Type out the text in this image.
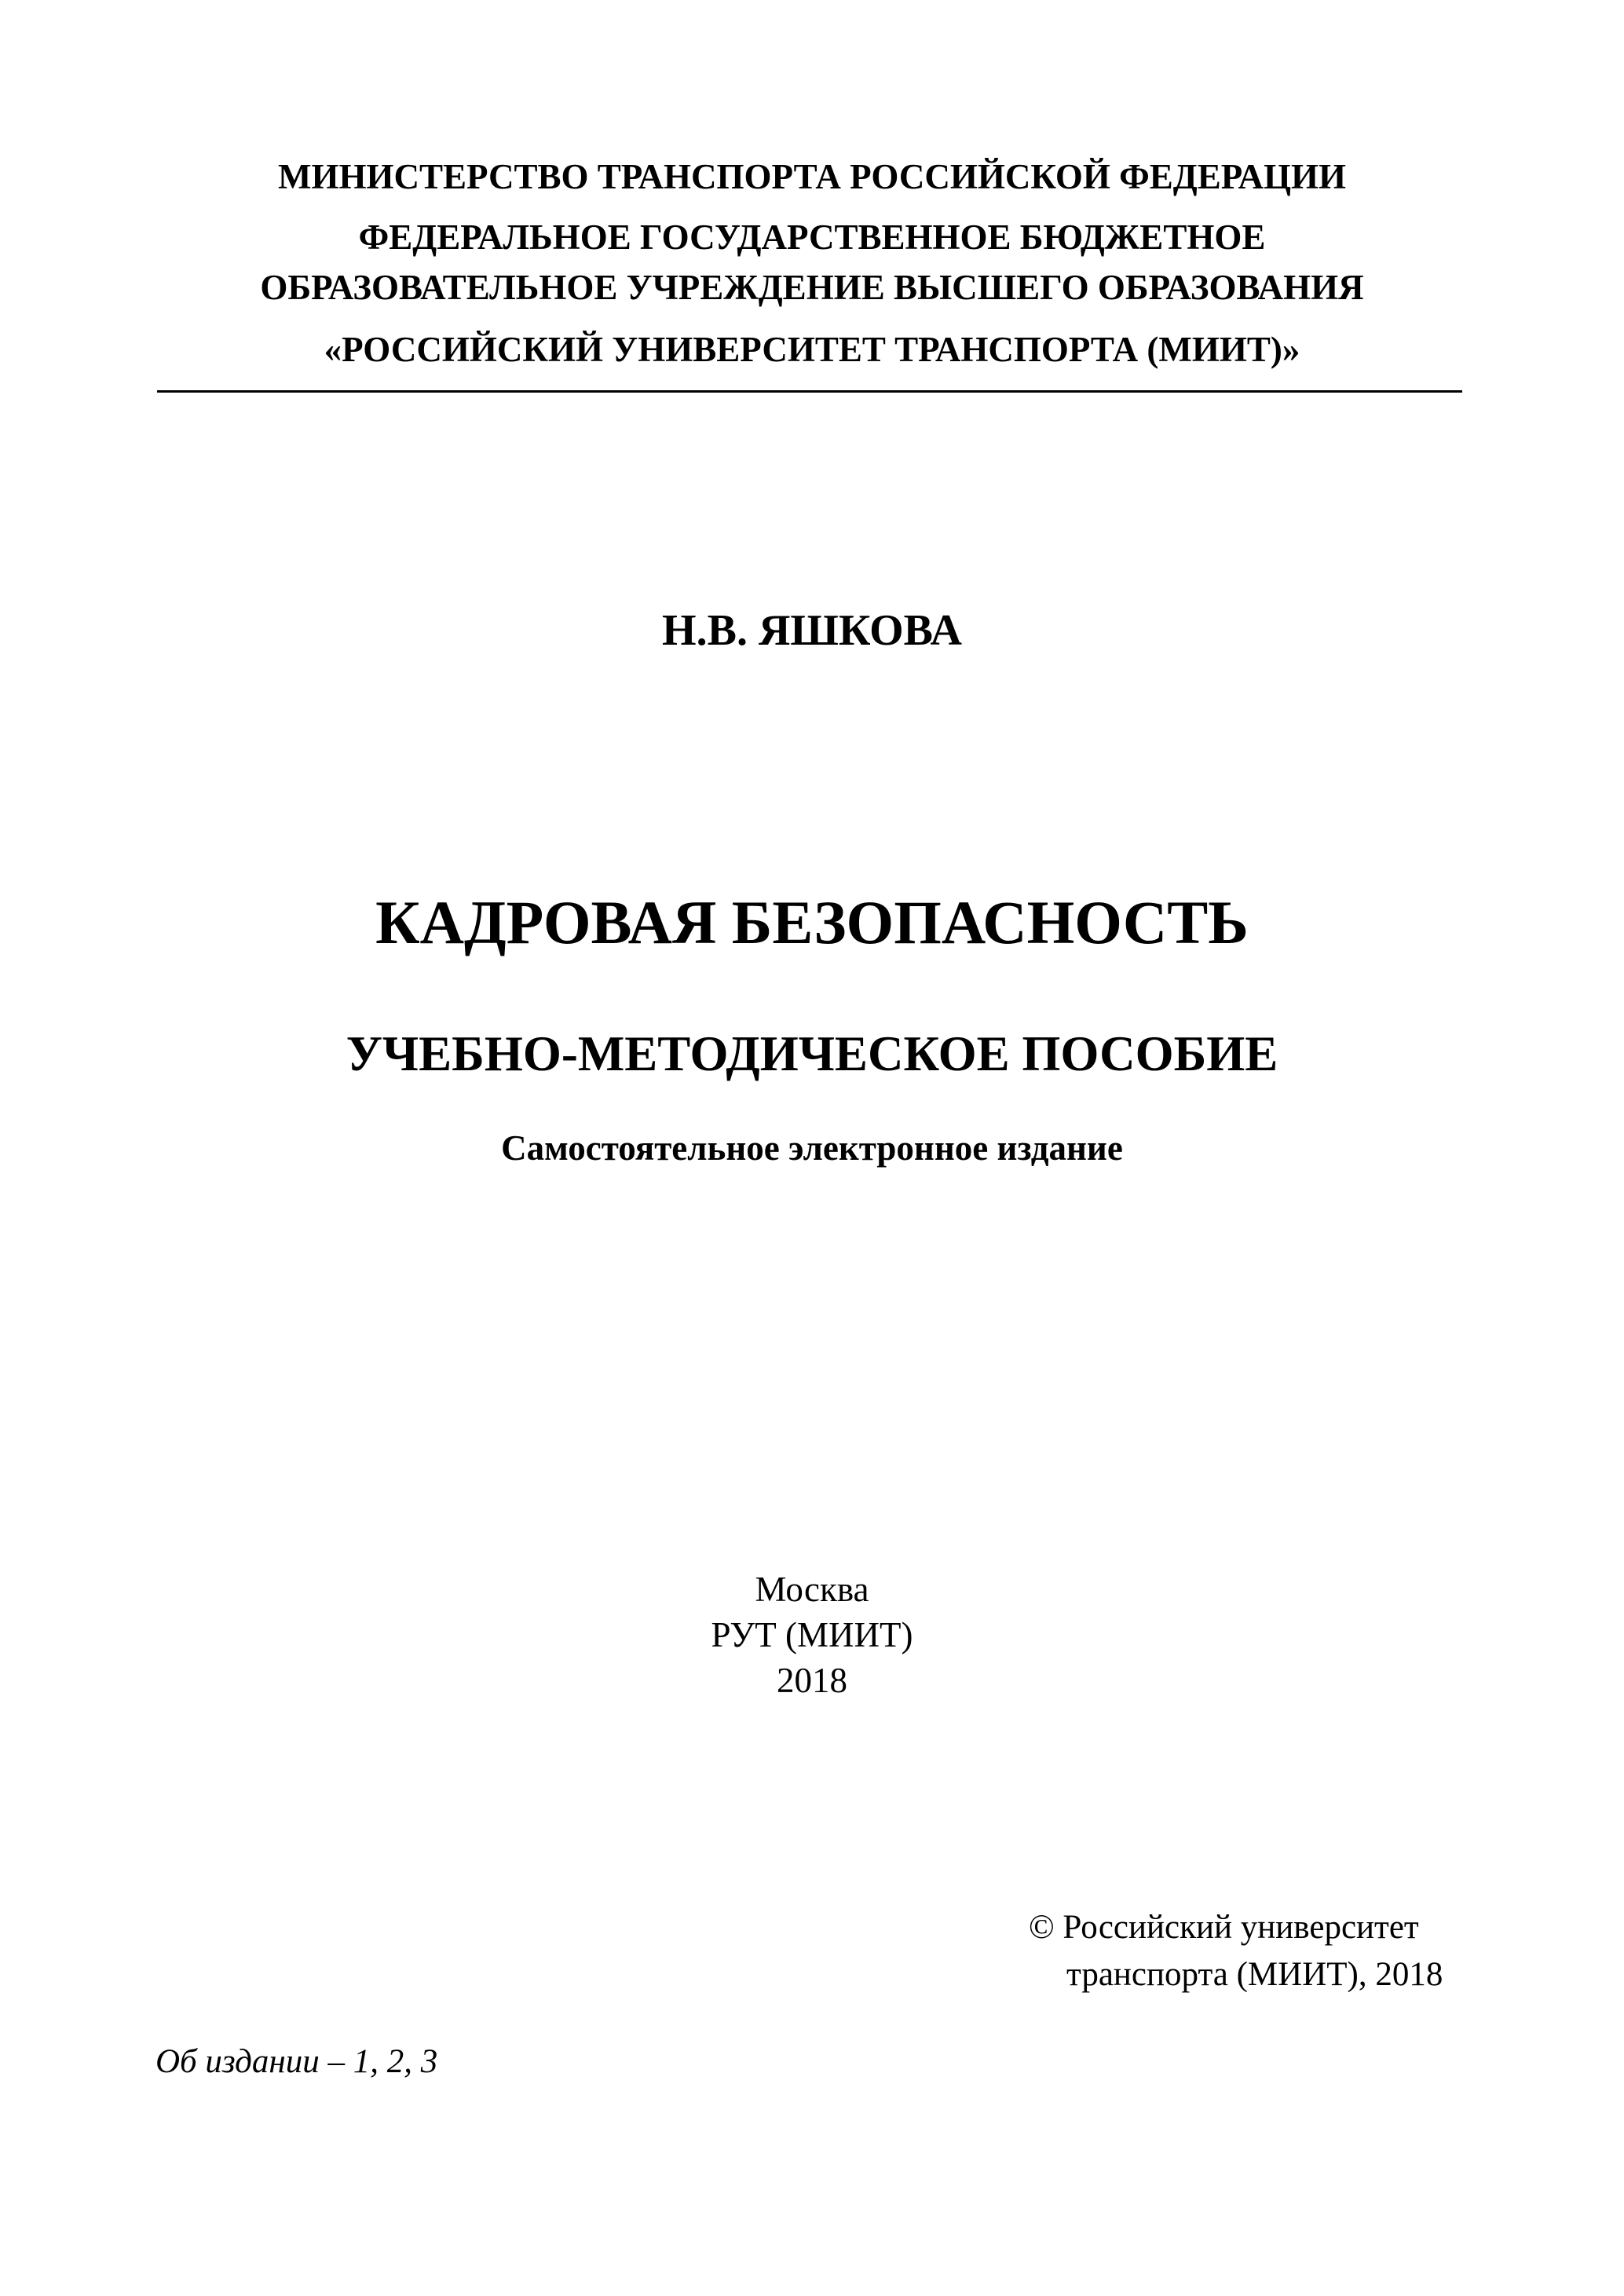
МИНИСТЕРСТВО ТРАНСПОРТА РОССИЙСКОЙ ФЕДЕРАЦИИ
ФЕДЕРАЛЬНОЕ ГОСУДАРСТВЕННОЕ БЮДЖЕТНОЕ
ОБРАЗОВАТЕЛЬНОЕ УЧРЕЖДЕНИЕ ВЫСШЕГО ОБРАЗОВАНИЯ
«РОССИЙСКИЙ УНИВЕРСИТЕТ ТРАНСПОРТА (МИИТ)»
Н.В. ЯШКОВА
КАДРОВАЯ БЕЗОПАСНОСТЬ
УЧЕБНО-МЕТОДИЧЕСКОЕ ПОСОБИЕ
Самостоятельное электронное издание
Москва
РУТ (МИИТ)
2018
© Российский университет
транспорта (МИИТ), 2018
Об издании – 1, 2, 3
